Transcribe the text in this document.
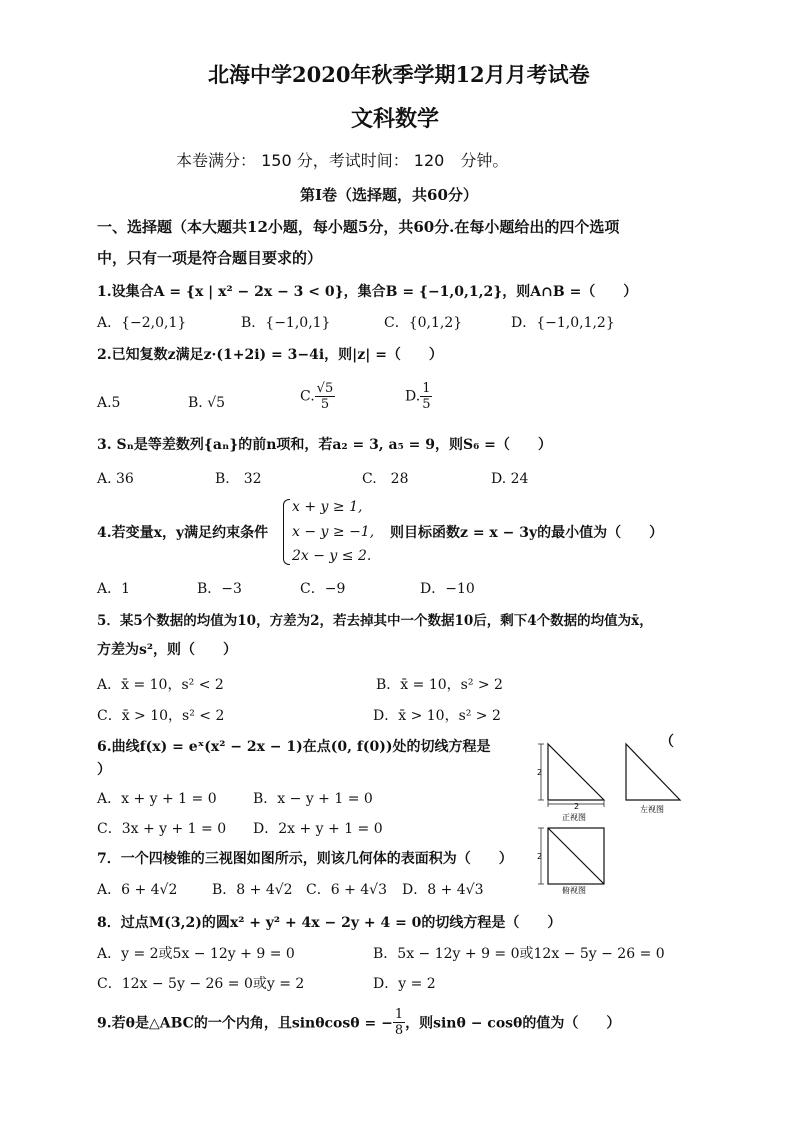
北海中学2020年秋季学期12月月考试卷
文科数学
本卷满分： 150 分，考试时间： 120　分钟。
第Ⅰ卷（选择题，共60分）
一、选择题（本大题共12小题，每小题5分，共60分.在每小题给出的四个选项
中，只有一项是符合题目要求的）
1.设集合A = {x | x² − 2x − 3 < 0}，集合B = {−1,0,1,2}，则A∩B =（　　）
A．{−2,0,1}	B．{−1,0,1}	C．{0,1,2}	D．{−1,0,1,2}
2.已知复数z满足z·(1+2i) = 3−4i，则|z| =（　　）
A.5	B. √5	C. $\frac{√5}{5}$	D. $\frac{1}{5}$
3. Sₙ是等差数列{aₙ}的前n项和，若a₂ = 3, a₅ = 9，则S₆ =（　　）
A. 36	B.　32	C.　28	D. 24
4.若变量x，y满足约束条件
x + y ≥ 1,
x − y ≥ −1,
2x − y ≤ 2.
则目标函数z = x − 3y的最小值为（　　）
A．1	B．−3	C．−9	D．−10
5．某5个数据的均值为10，方差为2，若去掉其中一个数据10后，剩下4个数据的均值为x̄，
方差为s²，则（　　）
A．x̄ = 10，s² < 2	B．x̄ = 10，s² > 2
C．x̄ > 10，s² < 2	D．x̄ > 10，s² > 2
6.曲线f(x) = eˣ(x² − 2x − 1)在点(0, f(0))处的切线方程是	（
）
A．x + y + 1 = 0	B．x − y + 1 = 0
C．3x + y + 1 = 0 D．2x + y + 1 = 0
2
2
正视图
左视图
2
俯视图
7．一个四棱锥的三视图如图所示，则该几何体的表面积为（　　）
A．6 + 4√2 B．8 + 4√2 C．6 + 4√3 D．8 + 4√3
8．过点M(3,2)的圆x² + y² + 4x − 2y + 4 = 0的切线方程是（　　）
A．y = 2或5x − 12y + 9 = 0	B．5x − 12y + 9 = 0或12x − 5y − 26 = 0
C．12x − 5y − 26 = 0或y = 2	D．y = 2
9.若θ是△ABC的一个内角，且sinθcosθ = − $\frac{1}{8}$ ，则sinθ − cosθ的值为（　　）
